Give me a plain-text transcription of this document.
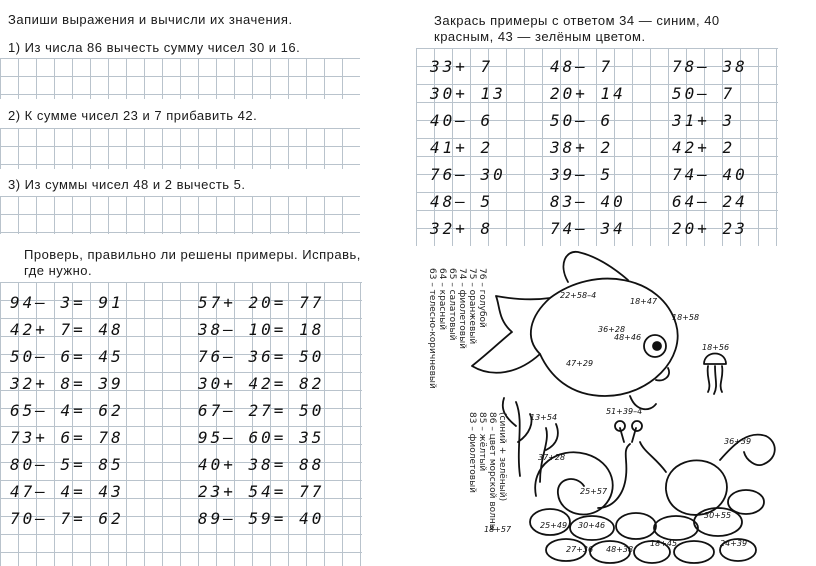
Запиши выражения и вычисли их значения.
1) Из числа 86 вычесть сумму чисел 30 и 16.
2) К сумме чисел 23 и 7 прибавить 42.
3) Из суммы чисел 48 и 2 вычесть 5.
Закрась примеры с ответом 34 — синим, 40
красным, 43 — зелёным цветом.
33+ 7
30+ 13
40– 6
41+ 2
76– 30
48– 5
32+ 8
48– 7
20+ 14
50– 6
38+ 2
39– 5
83– 40
74– 34
78– 38
50– 7
31+ 3
42+ 2
74– 40
64– 24
20+ 23
Проверь, правильно ли решены примеры. Исправь,
где нужно.
94– 3= 91
42+ 7= 48
50– 6= 45
32+ 8= 39
65– 4= 62
73+ 6= 78
80– 5= 85
47– 4= 43
70– 7= 62
57+ 20= 77
38– 10= 18
76– 36= 50
30+ 42= 82
67– 27= 50
95– 60= 35
40+ 38= 88
23+ 54= 77
89– 59= 40
63 – телесно-коричневый 64 – красный 65 – салатовый 74 – фиолетовый 75 – оранжевый 76 – голубой
83 – фиолетовый 85 – жёлтый 86 – цвет морской волны (синий + зелёный)
22+58–4
18+47
18+58
36+28
48+46
47+29
18+56
51+39–4
13+54
37+28
25+57
36+39
25+49 30+46
30+55
27+36 48+38
18+57
24+39
18+45
